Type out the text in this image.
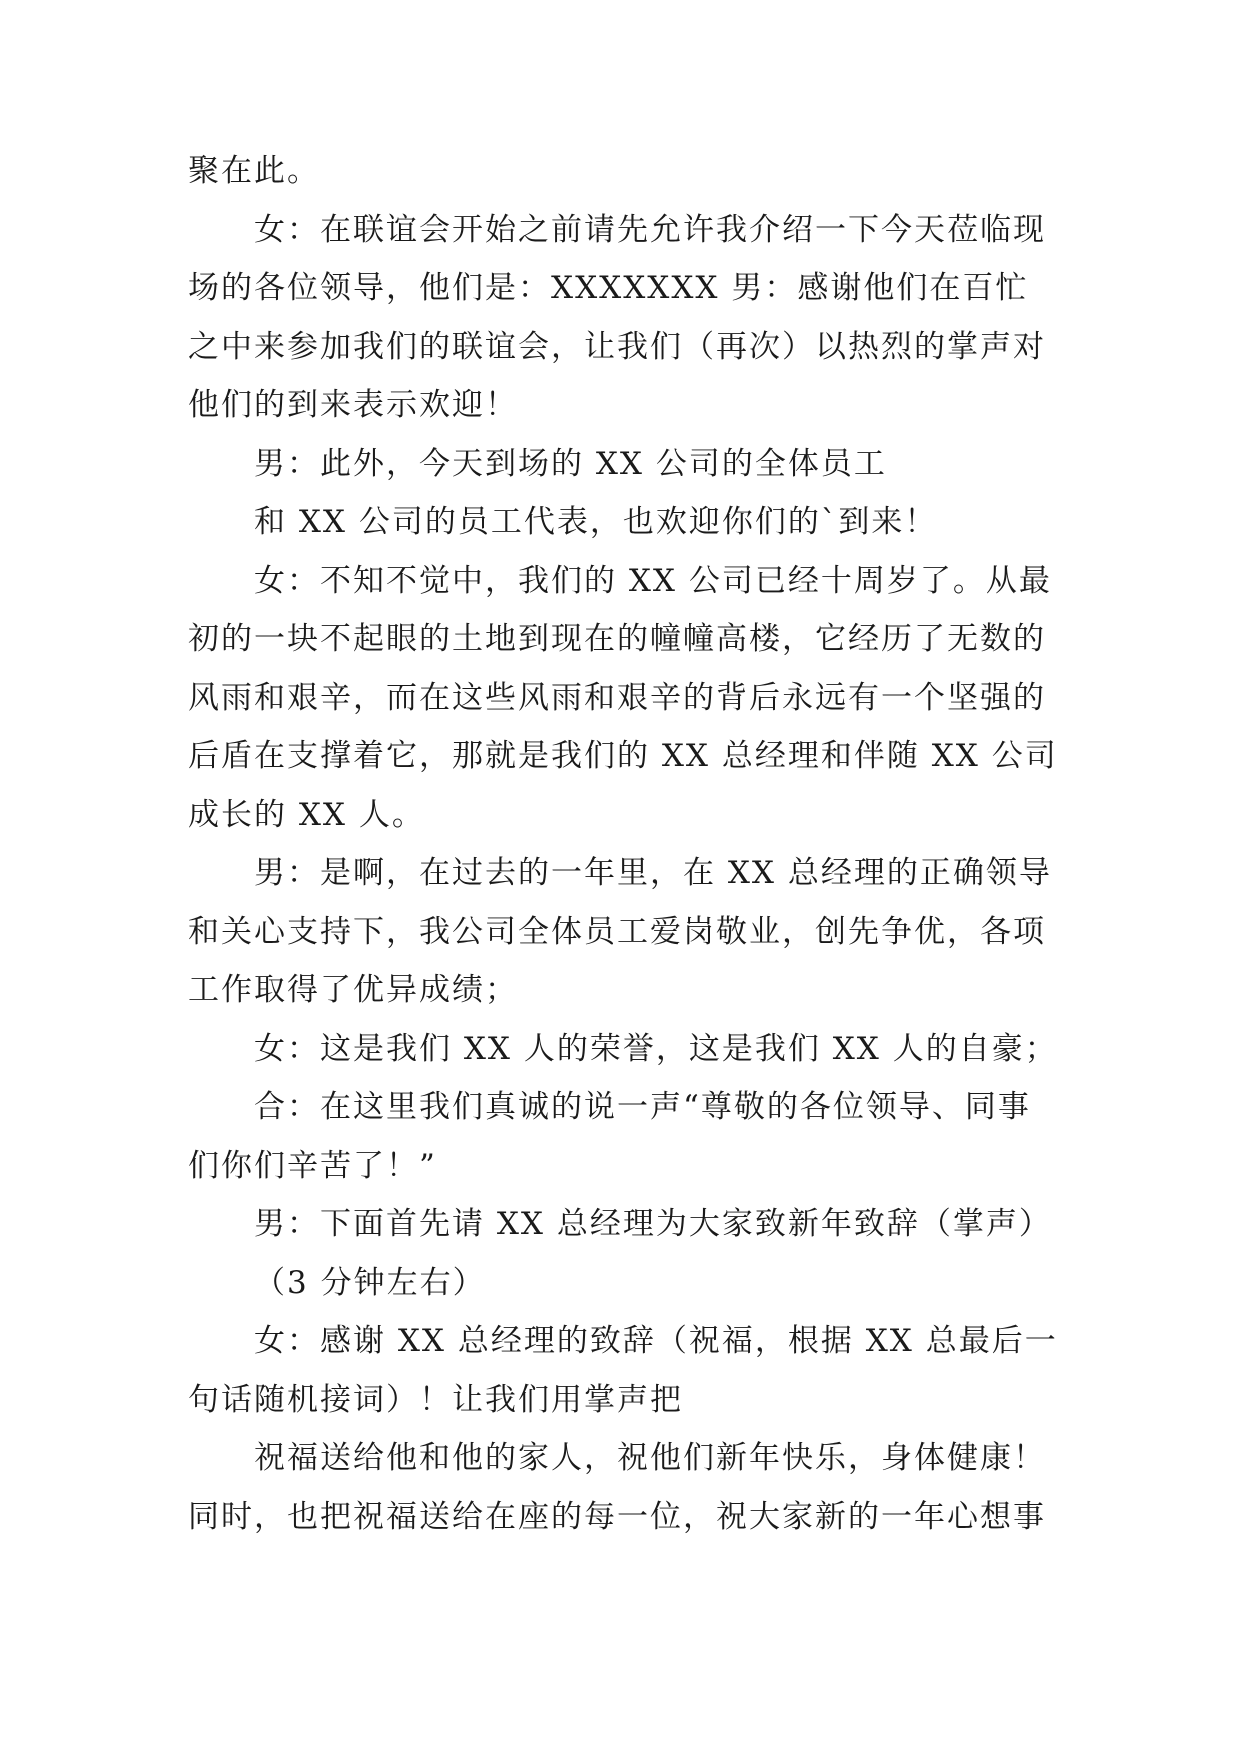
聚在此。

女：在联谊会开始之前请先允许我介绍一下今天莅临现场的各位领导，他们是：XXXXXXX 男：感谢他们在百忙之中来参加我们的联谊会，让我们（再次）以热烈的掌声对他们的到来表示欢迎！

男：此外，今天到场的 XX 公司的全体员工

和 XX 公司的员工代表，也欢迎你们的`到来！

女：不知不觉中，我们的 XX 公司已经十周岁了。从最初的一块不起眼的土地到现在的幢幢高楼，它经历了无数的风雨和艰辛，而在这些风雨和艰辛的背后永远有一个坚强的后盾在支撑着它，那就是我们的 XX 总经理和伴随 XX 公司成长的 XX 人。

男：是啊，在过去的一年里，在 XX 总经理的正确领导和关心支持下，我公司全体员工爱岗敬业，创先争优，各项工作取得了优异成绩；

女：这是我们 XX 人的荣誉，这是我们 XX 人的自豪；

合：在这里我们真诚的说一声“尊敬的各位领导、同事们你们辛苦了！”

男：下面首先请 XX 总经理为大家致新年致辞（掌声）

（3 分钟左右）

女：感谢 XX 总经理的致辞（祝福，根据 XX 总最后一句话随机接词）！让我们用掌声把

祝福送给他和他的家人，祝他们新年快乐，身体健康！同时，也把祝福送给在座的每一位，祝大家新的一年心想事
